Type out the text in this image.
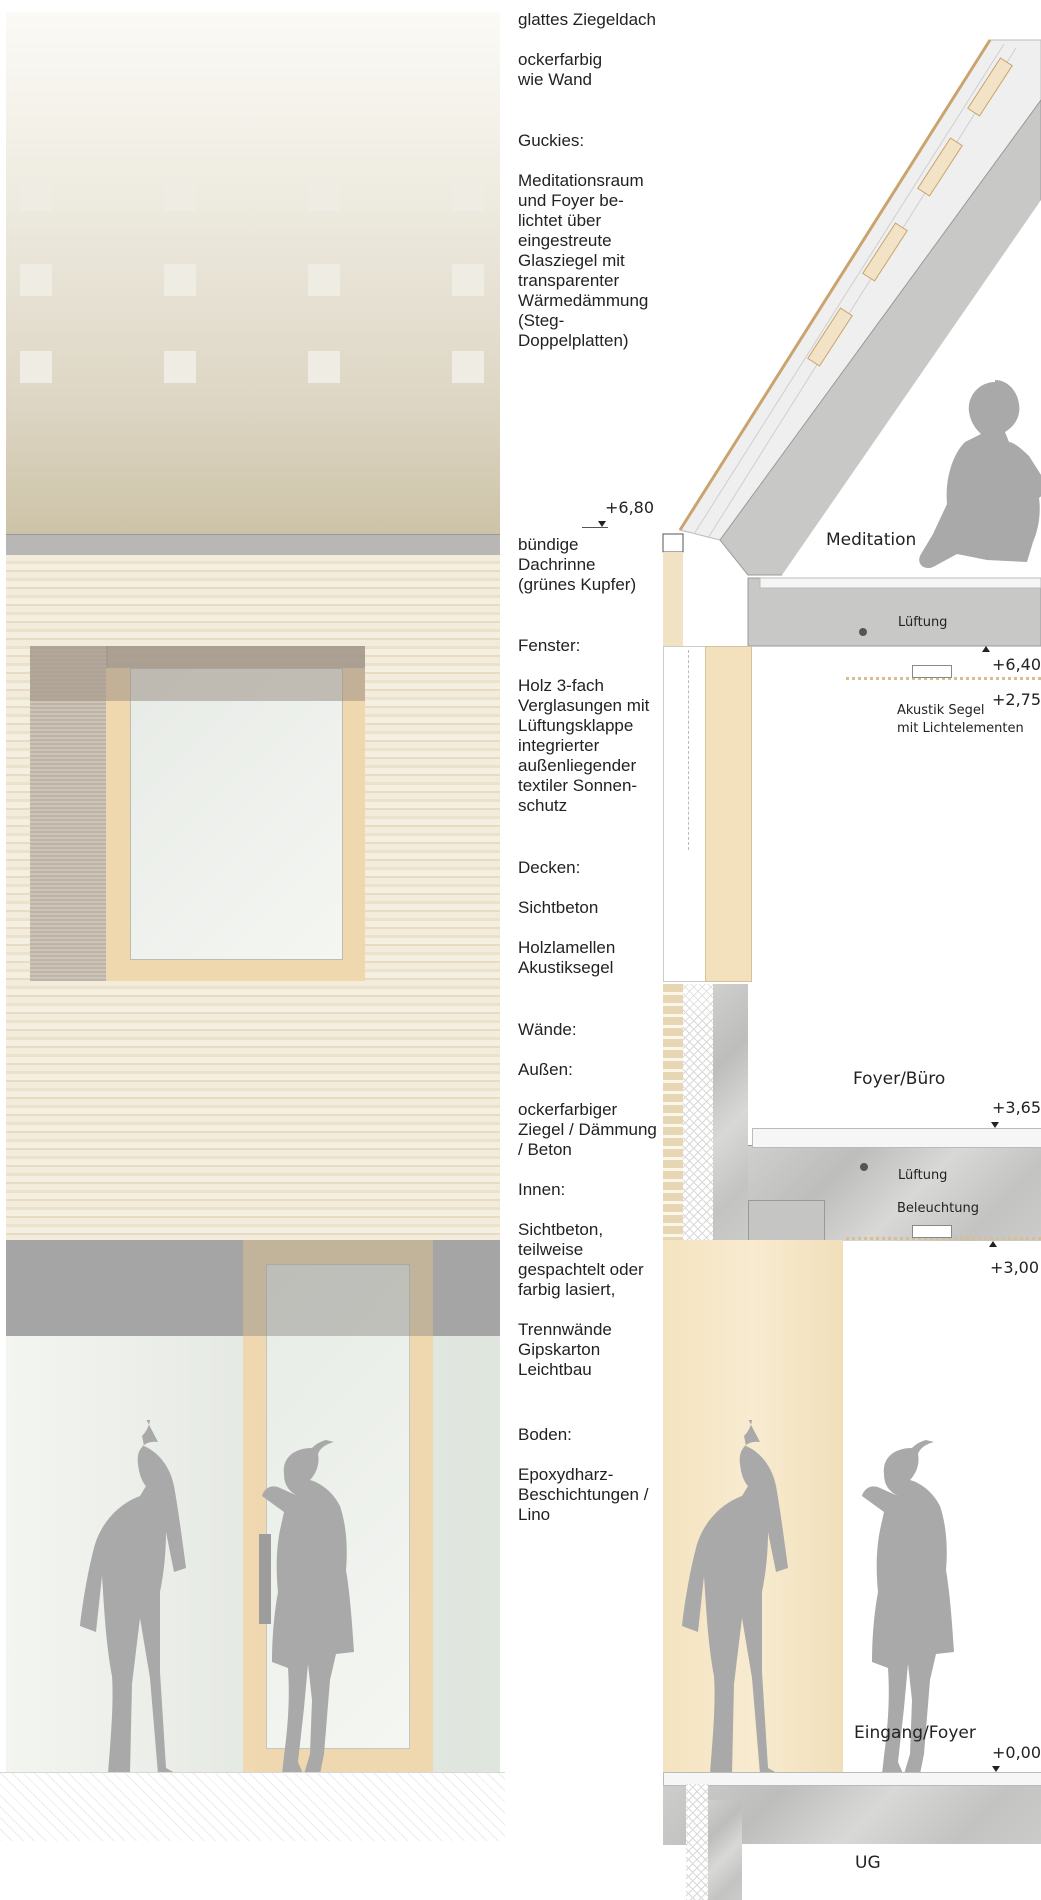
glattes Ziegeldach

ockerfarbig
wie Wand

Guckies:

Meditationsraum
und Foyer be-
lichtet über
eingestreute
Glasziegel mit
transparenter
Wärmedämmung
(Steg-
Doppelplatten)

bündige
Dachrinne
(grünes Kupfer)

Fenster:

Holz 3-fach
Verglasungen mit
Lüftungsklappe
integrierter
außenliegender
textiler Sonnen-
schutz

Decken:

Sichtbeton

Holzlamellen
Akustiksegel

Wände:

Außen:

ockerfarbiger
Ziegel / Dämmung
/ Beton

Innen:

Sichtbeton,
teilweise
gespachtelt oder
farbig lasiert,

Trennwände
Gipskarton
Leichtbau

Boden:

Epoxydharz-
Beschichtungen /
Lino

+6,80
Lüftung
Akustik Segel
mit Lichtelementen
Lüftung
Beleuchtung
Meditation
Foyer/Büro
Eingang/Foyer
UG
+6,40
+2,75
+3,65
+3,00
+0,00
